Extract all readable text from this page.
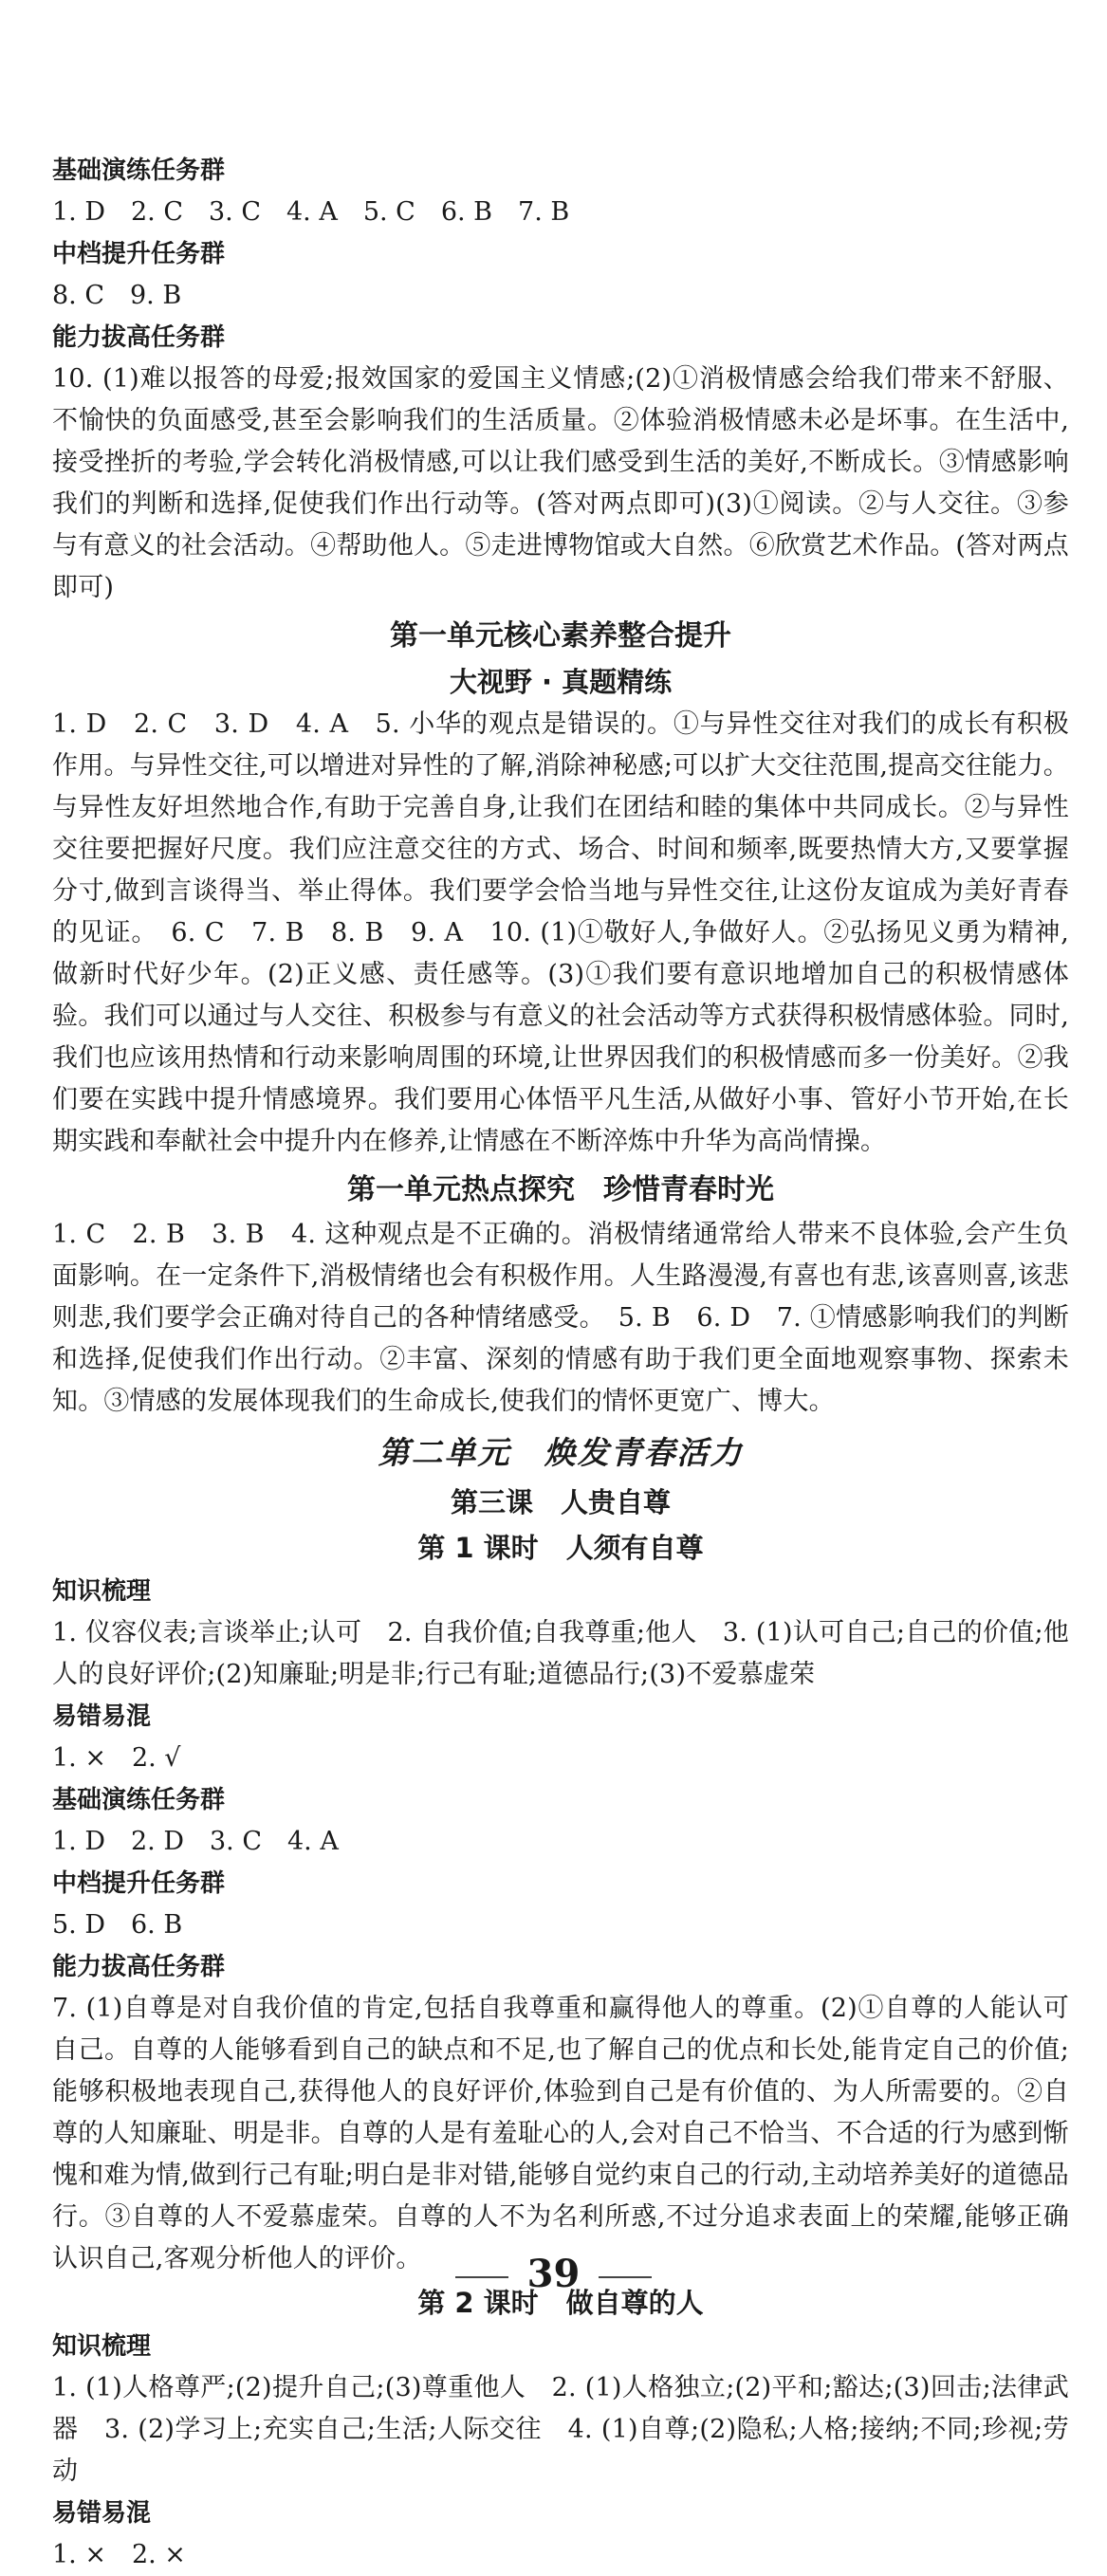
基础演练任务群

1. D　2. C　3. C　4. A　5. C　6. B　7. B

中档提升任务群

8. C　9. B

能力拔高任务群

10. (1)难以报答的母爱;报效国家的爱国主义情感;(2)①消极情感会给我们带来不舒服、不愉快的负面感受,甚至会影响我们的生活质量。②体验消极情感未必是坏事。在生活中,接受挫折的考验,学会转化消极情感,可以让我们感受到生活的美好,不断成长。③情感影响我们的判断和选择,促使我们作出行动等。(答对两点即可)(3)①阅读。②与人交往。③参与有意义的社会活动。④帮助他人。⑤走进博物馆或大自然。⑥欣赏艺术作品。(答对两点即可)

第一单元核心素养整合提升

大视野 · 真题精练

1. D　2. C　3. D　4. A　5. 小华的观点是错误的。①与异性交往对我们的成长有积极作用。与异性交往,可以增进对异性的了解,消除神秘感;可以扩大交往范围,提高交往能力。与异性友好坦然地合作,有助于完善自身,让我们在团结和睦的集体中共同成长。②与异性交往要把握好尺度。我们应注意交往的方式、场合、时间和频率,既要热情大方,又要掌握分寸,做到言谈得当、举止得体。我们要学会恰当地与异性交往,让这份友谊成为美好青春的见证。　6. C　7. B　8. B　9. A　10. (1)①敬好人,争做好人。②弘扬见义勇为精神,做新时代好少年。(2)正义感、责任感等。(3)①我们要有意识地增加自己的积极情感体验。我们可以通过与人交往、积极参与有意义的社会活动等方式获得积极情感体验。同时,我们也应该用热情和行动来影响周围的环境,让世界因我们的积极情感而多一份美好。②我们要在实践中提升情感境界。我们要用心体悟平凡生活,从做好小事、管好小节开始,在长期实践和奉献社会中提升内在修养,让情感在不断淬炼中升华为高尚情操。

第一单元热点探究　珍惜青春时光

1. C　2. B　3. B　4. 这种观点是不正确的。消极情绪通常给人带来不良体验,会产生负面影响。在一定条件下,消极情绪也会有积极作用。人生路漫漫,有喜也有悲,该喜则喜,该悲则悲,我们要学会正确对待自己的各种情绪感受。　5. B　6. D　7. ①情感影响我们的判断和选择,促使我们作出行动。②丰富、深刻的情感有助于我们更全面地观察事物、探索未知。③情感的发展体现我们的生命成长,使我们的情怀更宽广、博大。

第二单元　焕发青春活力

第三课　人贵自尊

第 1 课时　人须有自尊

知识梳理

1. 仪容仪表;言谈举止;认可　2. 自我价值;自我尊重;他人　3. (1)认可自己;自己的价值;他人的良好评价;(2)知廉耻;明是非;行己有耻;道德品行;(3)不爱慕虚荣

易错易混

1. ×　2. √

基础演练任务群

1. D　2. D　3. C　4. A

中档提升任务群

5. D　6. B

能力拔高任务群

7. (1)自尊是对自我价值的肯定,包括自我尊重和赢得他人的尊重。(2)①自尊的人能认可自己。自尊的人能够看到自己的缺点和不足,也了解自己的优点和长处,能肯定自己的价值;能够积极地表现自己,获得他人的良好评价,体验到自己是有价值的、为人所需要的。②自尊的人知廉耻、明是非。自尊的人是有羞耻心的人,会对自己不恰当、不合适的行为感到惭愧和难为情,做到行己有耻;明白是非对错,能够自觉约束自己的行动,主动培养美好的道德品行。③自尊的人不爱慕虚荣。自尊的人不为名利所惑,不过分追求表面上的荣耀,能够正确认识自己,客观分析他人的评价。

第 2 课时　做自尊的人

知识梳理

1. (1)人格尊严;(2)提升自己;(3)尊重他人　2. (1)人格独立;(2)平和;豁达;(3)回击;法律武器　3. (2)学习上;充实自己;生活;人际交往　4. (1)自尊;(2)隐私;人格;接纳;不同;珍视;劳动

易错易混

1. ×　2. ×

39
